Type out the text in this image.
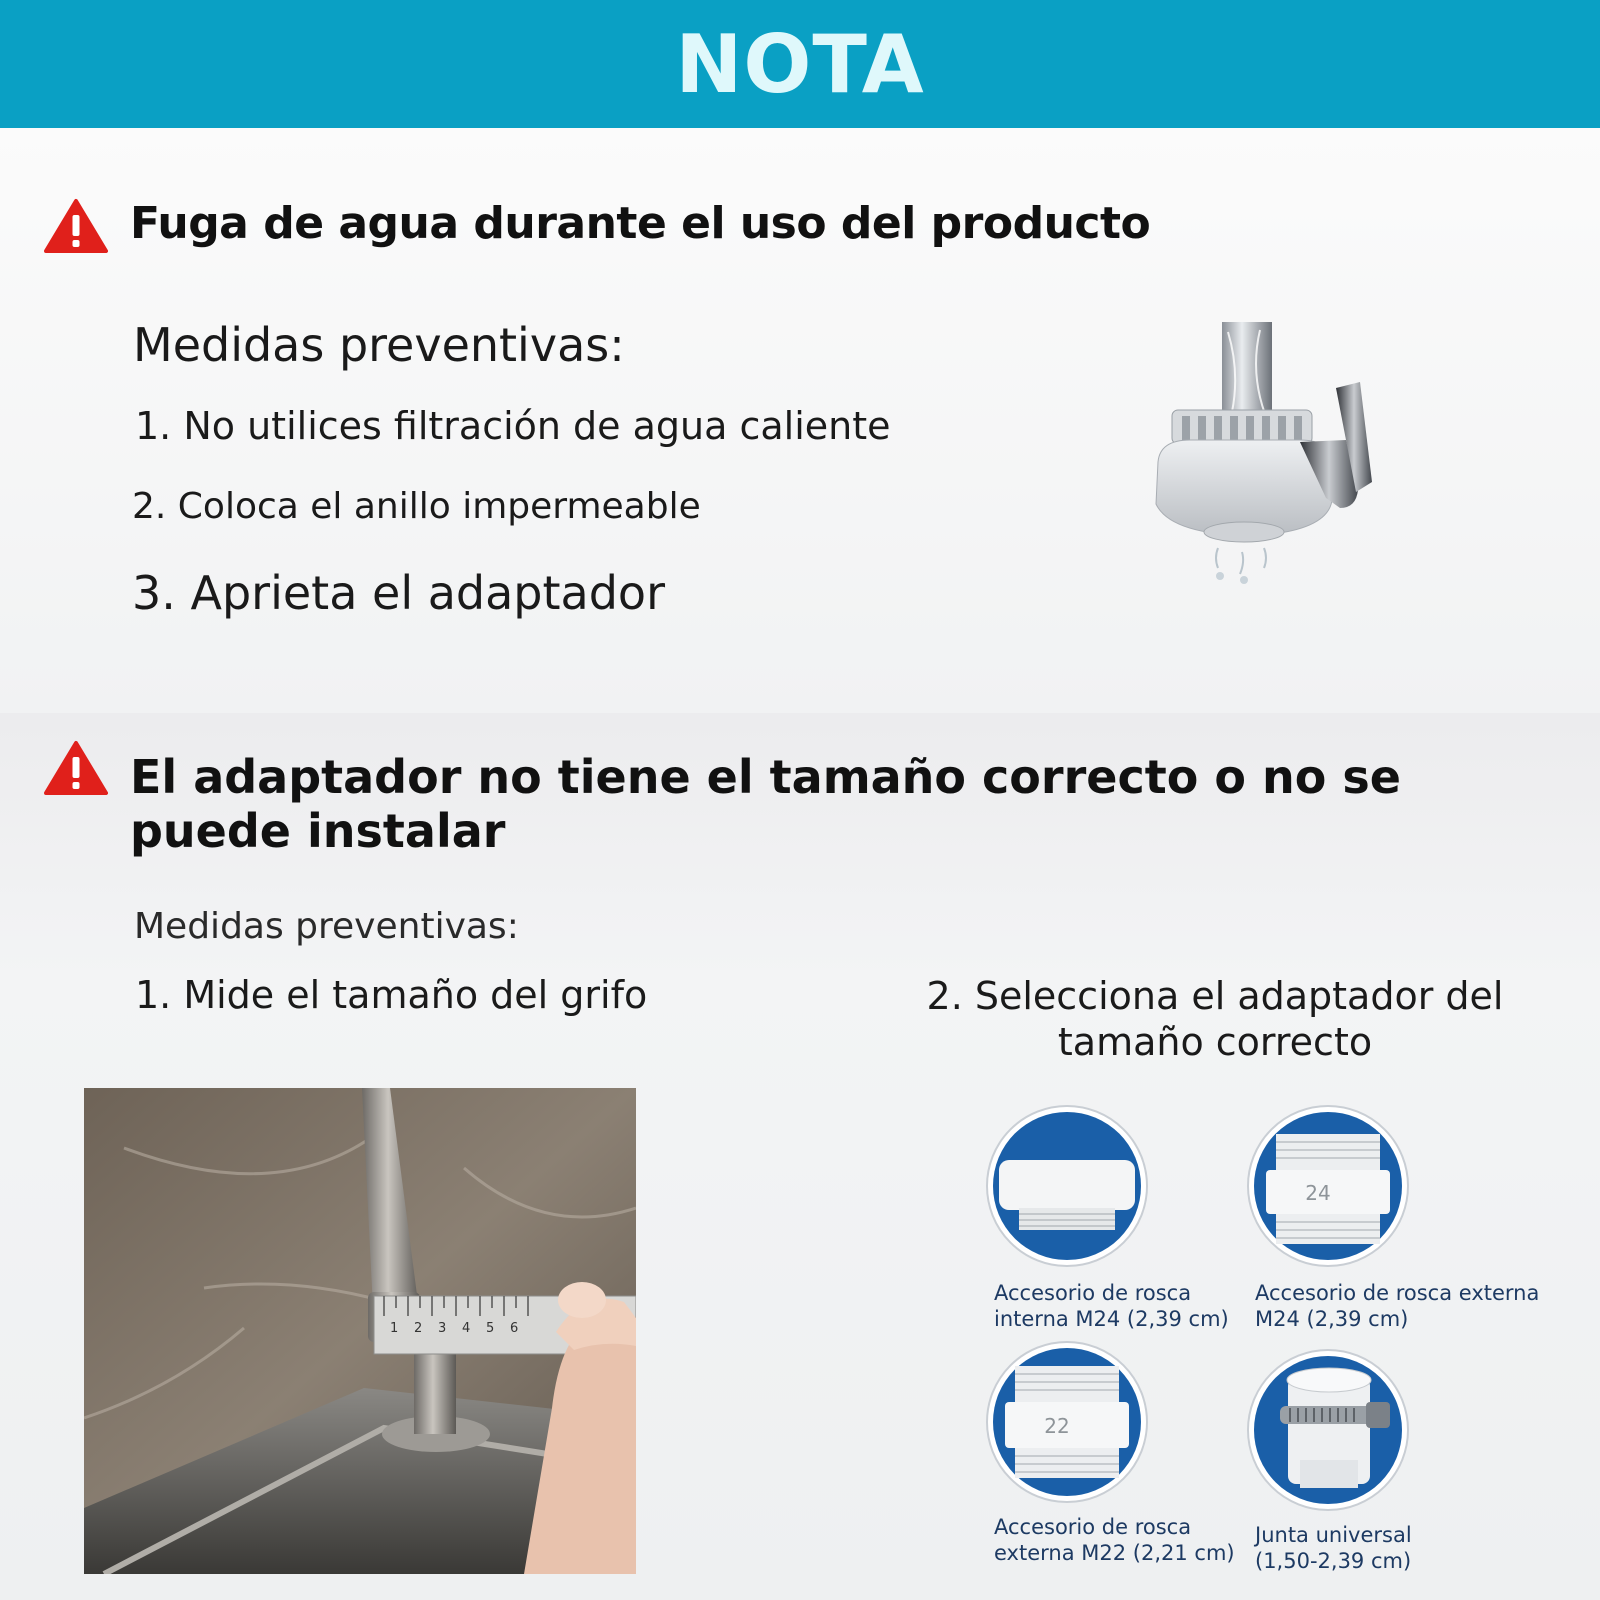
NOTA
Fuga de agua durante el uso del producto
Medidas preventivas:
1. No utilices filtración de agua caliente
2. Coloca el anillo impermeable
3. Aprieta el adaptador
El adaptador no tiene el tamaño correcto o no se puede instalar
Medidas preventivas:
1. Mide el tamaño del grifo	2. Selecciona el adaptador del tamaño correcto
1 2 3 4 5 6
24
22
Accesorio de rosca
interna M24 (2,39 cm)
Accesorio de rosca externa
M24 (2,39 cm)
Accesorio de rosca
externa M22 (2,21 cm)
Junta universal
(1,50-2,39 cm)
